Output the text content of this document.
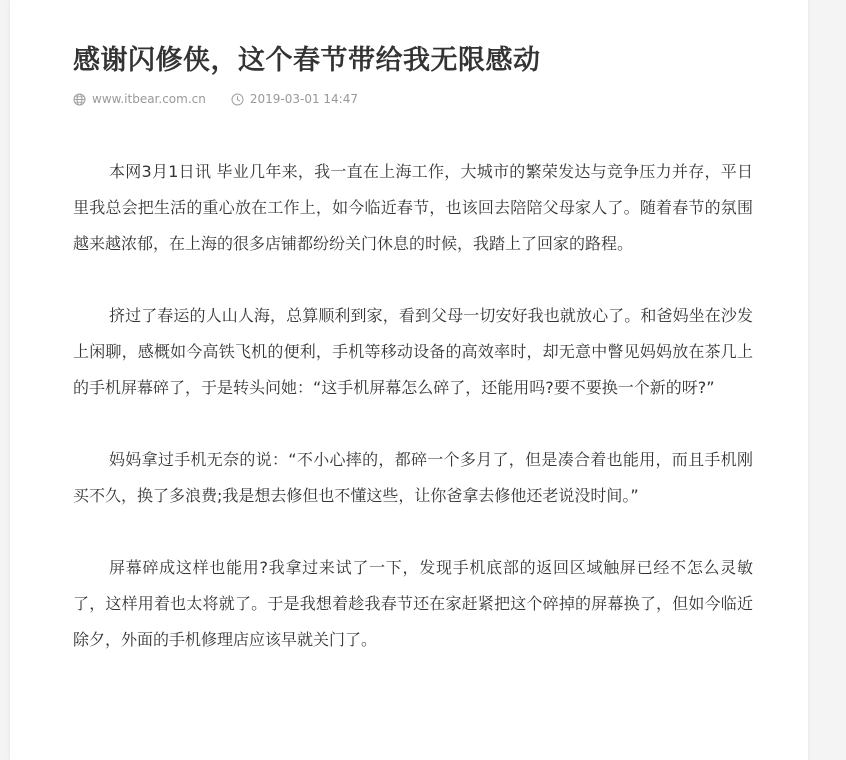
感谢闪修侠，这个春节带给我无限感动
www.itbear.com.cn	2019-03-01 14:47

本网3月1日讯 毕业几年来，我一直在上海工作，大城市的繁荣发达与竞争压力并存，平日里我总会把生活的重心放在工作上，如今临近春节，也该回去陪陪父母家人了。随着春节的氛围越来越浓郁，在上海的很多店铺都纷纷关门休息的时候，我踏上了回家的路程。

挤过了春运的人山人海，总算顺利到家，看到父母一切安好我也就放心了。和爸妈坐在沙发上闲聊，感概如今高铁飞机的便利，手机等移动设备的高效率时，却无意中瞥见妈妈放在茶几上的手机屏幕碎了，于是转头问她：“这手机屏幕怎么碎了，还能用吗?要不要换一个新的呀?”

妈妈拿过手机无奈的说：“不小心摔的，都碎一个多月了，但是凑合着也能用，而且手机刚买不久，换了多浪费;我是想去修但也不懂这些，让你爸拿去修他还老说没时间。”

屏幕碎成这样也能用?我拿过来试了一下，发现手机底部的返回区域触屏已经不怎么灵敏了，这样用着也太将就了。于是我想着趁我春节还在家赶紧把这个碎掉的屏幕换了，但如今临近除夕，外面的手机修理店应该早就关门了。
